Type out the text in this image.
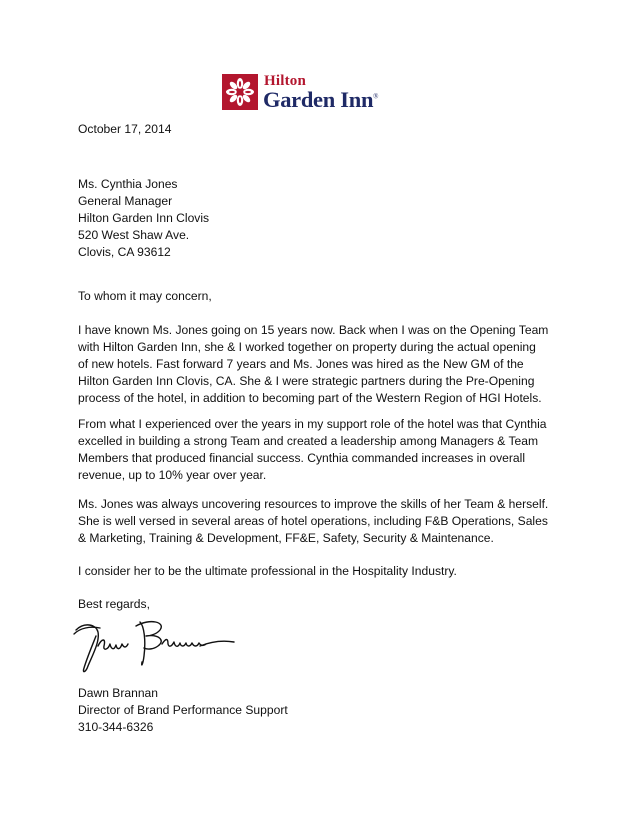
Hilton
Garden Inn®
October 17, 2014
Ms. Cynthia Jones
General Manager
Hilton Garden Inn Clovis
520 West Shaw Ave.
Clovis, CA 93612
To whom it may concern,
I have known Ms. Jones going on 15 years now. Back when I was on the Opening Team
with Hilton Garden Inn, she & I worked together on property during the actual opening
of new hotels. Fast forward 7 years and Ms. Jones was hired as the New GM of the
Hilton Garden Inn Clovis, CA. She & I were strategic partners during the Pre-Opening
process of the hotel, in addition to becoming part of the Western Region of HGI Hotels.
From what I experienced over the years in my support role of the hotel was that Cynthia
excelled in building a strong Team and created a leadership among Managers & Team
Members that produced financial success. Cynthia commanded increases in overall
revenue, up to 10% year over year.
Ms. Jones was always uncovering resources to improve the skills of her Team & herself.
She is well versed in several areas of hotel operations, including F&B Operations, Sales
& Marketing, Training & Development, FF&E, Safety, Security & Maintenance.
I consider her to be the ultimate professional in the Hospitality Industry.
Best regards,
Dawn Brannan
Director of Brand Performance Support
310-344-6326
